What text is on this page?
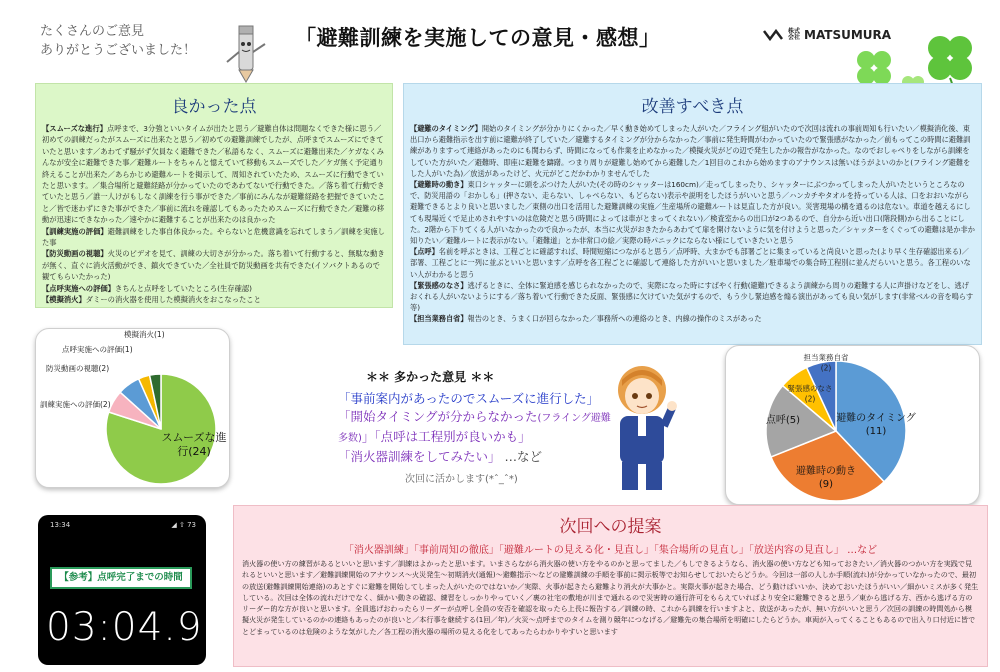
たくさんのご意見
ありがとうございました！
「避難訓練を実施しての意見・感想」	株式会社 MATSUMURA
良かった点
【スムーズな進行】点呼まで、3分強といいタイムが出たと思う／避難自体は問題なくできた様に思う／初めての訓練だったがスムーズに出来たと思う／初めての避難訓練でしたが、点呼までスムーズにできていたと思います／あわてず騒がず欠員なく避難できた／私語もなく、スムーズに避難出来た／ケガなくみんなが安全に避難できた事／避難ルートをちゃんと憶えていて移動もスムーズでした／ケガ無く予定通り終えることが出来た／あらかじめ避難ルートを掲示して、周知されていたため、スムーズに行動できていたと思います。／集合場所と避難経路が分かっていたのであわてないで行動できた。／落ち着て行動できていたと思う／誰一人けがもしなく訓練を行う事ができた／事前にみんなが避難経路を把握できていたこと／皆で迷わずにきた事ができた／事前に流れを確認してもあったためスムーズに行動できた／避難の移動が迅速にできなかった／速やかに避難することが出来たのは良かった
【訓練実施の評価】避難訓練をした事自体良かった。やらないと危機意識を忘れてしまう／訓練を実施した事
【防災動画の視聴】火災のビデオを見て、訓練の大切さが分かった。落ち着いて行動すると、無駄な動きが無く、直ぐに消火活動ができ、鎮火できていた／全社員で防災動画を共有できた(イソバクトあるので観てもらいたかった)
【点呼実施への評価】きちんと点呼をしていたところ(生存確認)
【模擬消火】ダミーの消火器を使用した模擬消火をおこなったこと
改善すべき点
【避難のタイミング】開始のタイミングが分かりにくかった／早く動き始めてしまった人がいた／フライング組がいたので次回は流れの事前周知も行いたい／模擬消化後、東出口から避難指示を出す前に避難が終了していた／避難するタイミングが分からなかった／事前に発生時間がわかっていたので緊張感がなかった／前もってこの時間に避難訓練がありますって連絡があったのにも関わらず、時間になっても作業を止めなかった／模擬火災がどの辺で発生したかの報告がなかった。なのでおしゃべりをしながら訓練をしていた方がいた／避難時、即座に避難を躊躇。つまり周りが避難し始めてから避難した／1回目のこれから始めますのアナウンスは無いほうがよいのかと(フライング避難をした人がいた為)／放送があったけど、火元がどこだかわかりませんでした
【避難時の動き】東口シャッターに頭をぶつけた人がいた(その時のシャッターは160cm)／走ってしまったり、シャッターにぶつかってしまった人がいたというところなので、防災用語の「おかしも」(押さない、走らない、しゃべらない、もどらない)表示や説明をしたほうがいいと思う／ハンカチやタオルを持っている人は、口をおおいながら避難できるとより良いと思いました／東側の出口を活用した避難訓練の実施／生産場所の避難ルートは見直した方が良い。災害現場の構を通るのは危ない。車道を越えるにしても現場近くで足止めされやすいのは危険だと思う(時間によっては車がとまってくれない)／検査室からの出口が2つあるので、自分から近い出口(階段側)から出ることにした。2階から下りてくる人がいなかったので良かったが、本当に火災がおきたからあわてて扉を開けないように気を付けようと思った／シャッターをくぐっての避難は是か非か知りたい／避難ルートに表示がない。「避難道」とか非常口の絵／実際の時パニックにならない様にしていきたいと思う
【点呼】名前を呼ぶときは、工程ごとに確認すれば、時間短縮につながると思う／点呼時、大まかでも部署ごとに集まっていると尚良いと思った(より早く生存確認出来る)／部署、工程ごとに一列に並ぶといいと思います／点呼を各工程ごとに確認して連絡した方がいいと思いました／駐車場での集合時工程別に並んだらいいと思う。各工程のいない人がわかると思う
【緊張感のなさ】逃げるときに、全体に緊迫感を感じられなかったので、実際になった時にすばやく行動(避難)できるよう訓練から周りの避難する人に声掛けなどをし、逃げおくれる人がいないようにする／落ち着いて行動できた反面、緊張感に欠けていた気がするので、もう少し緊迫感を煽る演出があっても良い気がします(非常ベルの音を鳴らす等)
【担当業務自省】報告のとき、うまく口が回らなかった／事務所への連絡のとき、内線の操作のミスがあった
スムーズな進行(24)
訓練実施への評価(2)
防災動画の視聴(2)
点呼実施への評価(1)
模擬消火(1)
避難のタイミング(11)
避難時の動き(9)
点呼(5)
緊張感のなさ(2)
担当業務自省(2)
＊＊ 多かった意見 ＊＊
「事前案内があったのでスムーズに進行した」
「開始タイミングが分からなかった(フライング避難多数)」「点呼は工程別が良いかも」
「消火器訓練をしてみたい」 …など
次回に活かします(*ˆ_ˆ*)
13:34	◢ ⇧ 73
【参考】点呼完了までの時間
03:04.95
次回への提案
「消火器訓練」「事前周知の徹底」「避難ルートの見える化・見直し」「集合場所の見直し」「放送内容の見直し」 …など
消火器の使い方の練習があるといいと思います／訓練はよかったと思います。いまさらながら消火器の使い方をやるのかと思ってました／もしできるようなら、消火器の使い方なども知っておきたい／消火器のつかい方を実践で見れるといいと思います／避難訓練開始のアナウンス～火災発生～初期消火(通報)～避難指示～などの避難訓練の手順を事前に掲示板等でお知らせしておいたらどうか。今回は一部の人しか手順(流れ)が分かっていなかったので、最初の放送(避難訓練開始連絡)のあとすぐに避難を開始してしまった人がいたのではないか／実際、火事が起きたら避難より消火が大事かと。実際火事が起きた場合、どう動けばいいか、決めておいたほうがいい／細かいミスが多く発生している。次回は全体の流れだけでなく、細かい動きの確認、練習をしっかりやっていく／裏の社宅の敷地が川まで通れるので災害時の通行許可をもらえていればより安全に避難できると思う／東から逃げる方、西から逃げる方のリーダー的な方が良いと思います。全員逃げおわったらリーダーが点呼し全員の安否を確認を取ったら上長に報告する／訓練の時、これから訓練を行いますよと、放送があったが、無い方がいいと思う／次回の訓練の時間処から模擬火災が発生しているのかの連絡もあったのが良いと／本行事を継続する(1回／年)／火災～点呼までのタイムを測り競年につなげる／避難先の集合場所を明確にしたらどうか。車両が入ってくることもあるので出入り口付近に皆でとどまっているのは危険のような気がした／各工程の消火器の場所の見える化をしてあったらわかりやすいと思います
